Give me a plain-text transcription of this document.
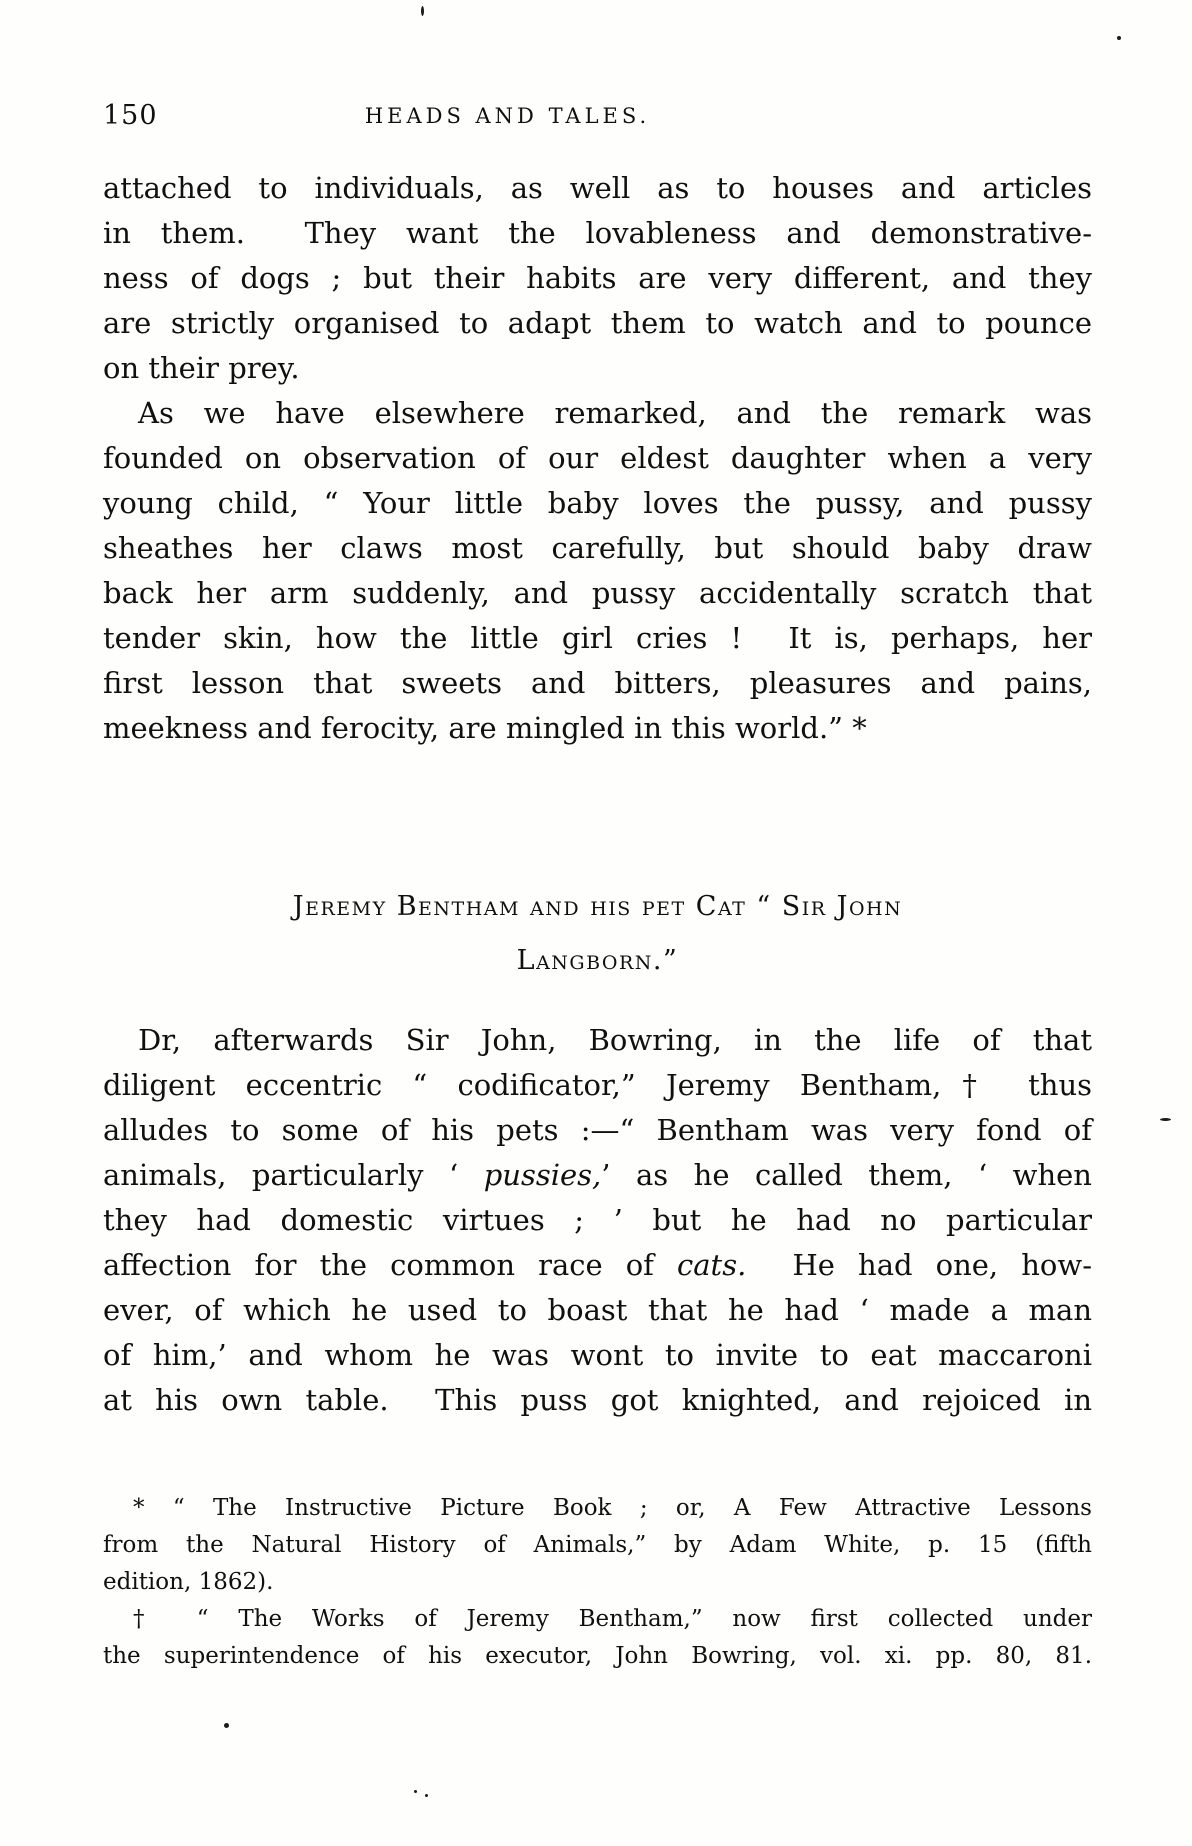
150	HEADS AND TALES.
attached to individuals, as well as to houses and articles
in them.  They want the lovableness and demonstrative-
ness of dogs ; but their habits are very different, and they
are strictly organised to adapt them to watch and to pounce
on their prey.
As we have elsewhere remarked, and the remark was
founded on observation of our eldest daughter when a very
young child, “ Your little baby loves the pussy, and pussy
sheathes her claws most carefully, but should baby draw
back her arm suddenly, and pussy accidentally scratch that
tender skin, how the little girl cries !  It is, perhaps, her
first lesson that sweets and bitters, pleasures and pains,
meekness and ferocity, are mingled in this world.” *
Jeremy Bentham and his pet Cat “ Sir John
Langborn.”
Dr, afterwards Sir John, Bowring, in the life of that
diligent eccentric “ codificator,” Jeremy Bentham,† thus
alludes to some of his pets :—“ Bentham was very fond of
animals, particularly ‘ pussies,’ as he called them, ‘ when
they had domestic virtues ; ’ but he had no particular
affection for the common race of cats.  He had one, how-
ever, of which he used to boast that he had ‘ made a man
of him,’ and whom he was wont to invite to eat maccaroni
at his own table.  This puss got knighted, and rejoiced in
* “ The Instructive Picture Book ; or, A Few Attractive Lessons
from the Natural History of Animals,” by Adam White, p. 15 (fifth
edition, 1862).
† “ The Works of Jeremy Bentham,” now first collected under
the superintendence of his executor, John Bowring, vol. xi. pp. 80, 81.
